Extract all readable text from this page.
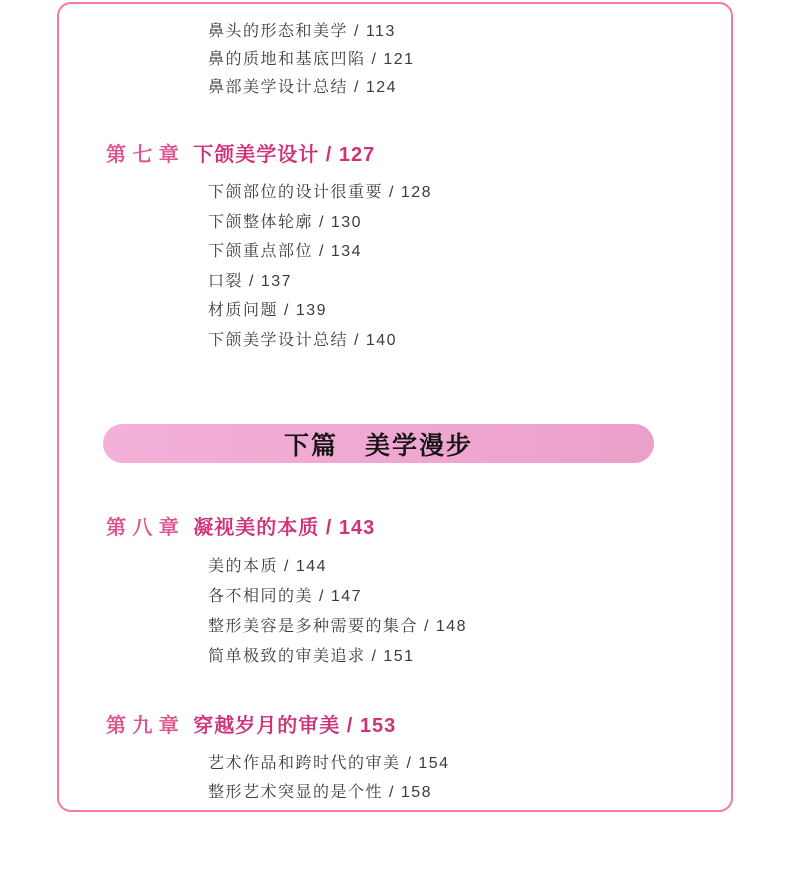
鼻头的形态和美学 / 113
鼻的质地和基底凹陷 / 121
鼻部美学设计总结 / 124
第七章 下颌美学设计 / 127
下颌部位的设计很重要 / 128
下颌整体轮廓 / 130
下颌重点部位 / 134
口裂 / 137
材质问题 / 139
下颌美学设计总结 / 140
下篇　美学漫步
第八章 凝视美的本质 / 143
美的本质 / 144
各不相同的美 / 147
整形美容是多种需要的集合 / 148
简单极致的审美追求 / 151
第九章 穿越岁月的审美 / 153
艺术作品和跨时代的审美 / 154
整形艺术突显的是个性 / 158
